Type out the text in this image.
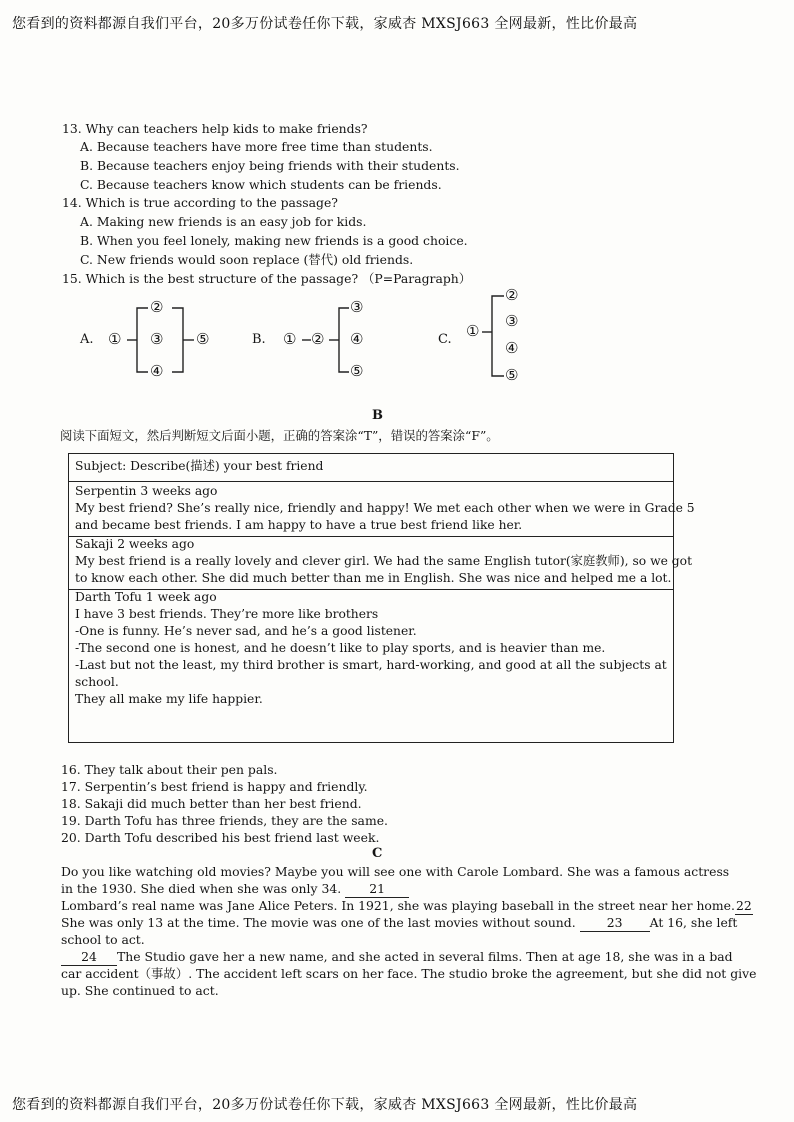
您看到的资料都源自我们平台，20多万份试卷任你下载，家威杏 MXSJ663 全网最新，性比价最高
13. Why can teachers help kids to make friends?
A. Because teachers have more free time than students.
B. Because teachers enjoy being friends with their students.
C. Because teachers know which students can be friends.
14. Which is true according to the passage?
A. Making new friends is an easy job for kids.
B. When you feel lonely, making new friends is a good choice.
C. New friends would soon replace (替代) old friends.
15. Which is the best structure of the passage? （P=Paragraph）
A. ①
②
③
④
⑤	B. ① ②
③
④
⑤
C. ①
②
③
④
⑤
B
阅读下面短文，然后判断短文后面小题，正确的答案涂“T”，错误的答案涂“F”。
Subject: Describe(描述) your best friend
Serpentin 3 weeks ago
My best friend? She’s really nice, friendly and happy! We met each other when we were in Grade 5
and became best friends. I am happy to have a true best friend like her.
Sakaji 2 weeks ago
My best friend is a really lovely and clever girl. We had the same English tutor(家庭教师), so we got
to know each other. She did much better than me in English. She was nice and helped me a lot.
Darth Tofu 1 week ago
I have 3 best friends. They’re more like brothers
-One is funny. He’s never sad, and he’s a good listener.
-The second one is honest, and he doesn’t like to play sports, and is heavier than me.
-Last but not the least, my third brother is smart, hard-working, and good at all the subjects at
school.
They all make my life happier.
16. They talk about their pen pals.
17. Serpentin’s best friend is happy and friendly.
18. Sakaji did much better than her best friend.
19. Darth Tofu has three friends, they are the same.
20. Darth Tofu described his best friend last week.
C
Do you like watching old movies? Maybe you will see one with Carole Lombard. She was a famous actress
in the 1930. She died when she was only 34. 21
Lombard’s real name was Jane Alice Peters. In 1921, she was playing baseball in the street near her home.22
She was only 13 at the time. The movie was one of the last movies without sound. 23 At 16, she left
school to act.
24 The Studio gave her a new name, and she acted in several films. Then at age 18, she was in a bad
car accident（事故）. The accident left scars on her face. The studio broke the agreement, but she did not give
up. She continued to act.
您看到的资料都源自我们平台，20多万份试卷任你下载，家威杏 MXSJ663 全网最新，性比价最高
